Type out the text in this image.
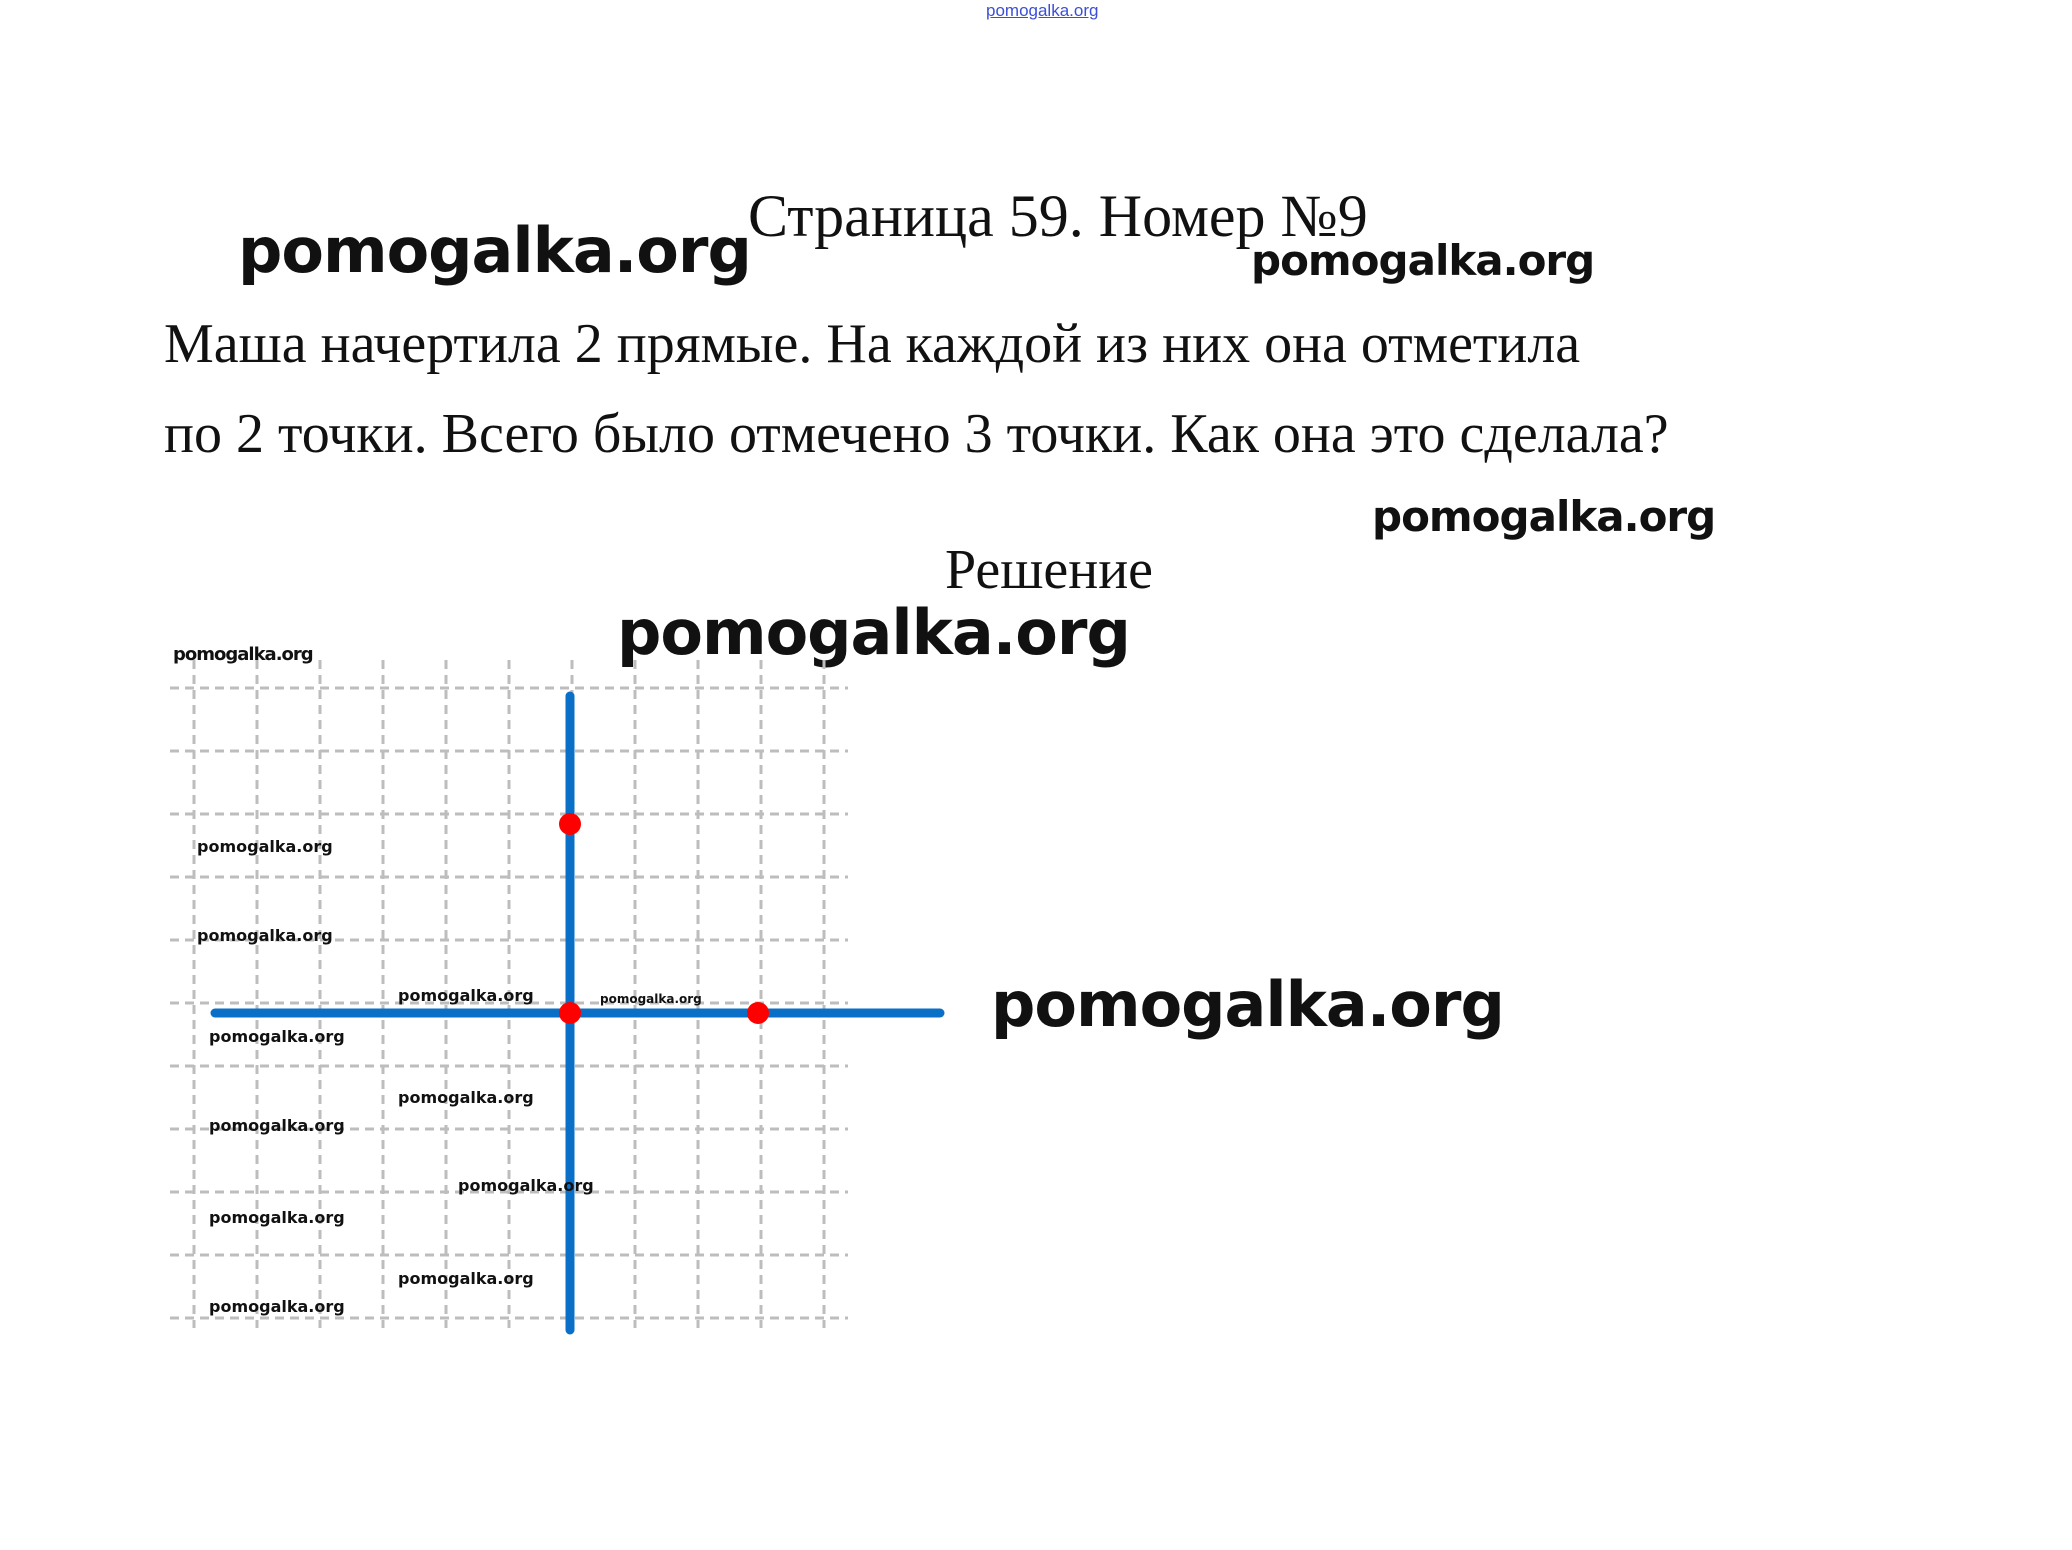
pomogalka.org
Страница 59. Номер №9
pomogalka.org	pomogalka.org
Маша начертила 2 прямые. На каждой из них она отметила
по 2 точки. Всего было отмечено 3 точки. Как она это сделала?
pomogalka.org
Решение
pomogalka.org
pomogalka.org
pomogalka.org
pomogalka.org
pomogalka.org	pomogalka.org
pomogalka.org
pomogalka.org
pomogalka.org
pomogalka.org
pomogalka.org
pomogalka.org
pomogalka.org
pomogalka.org
